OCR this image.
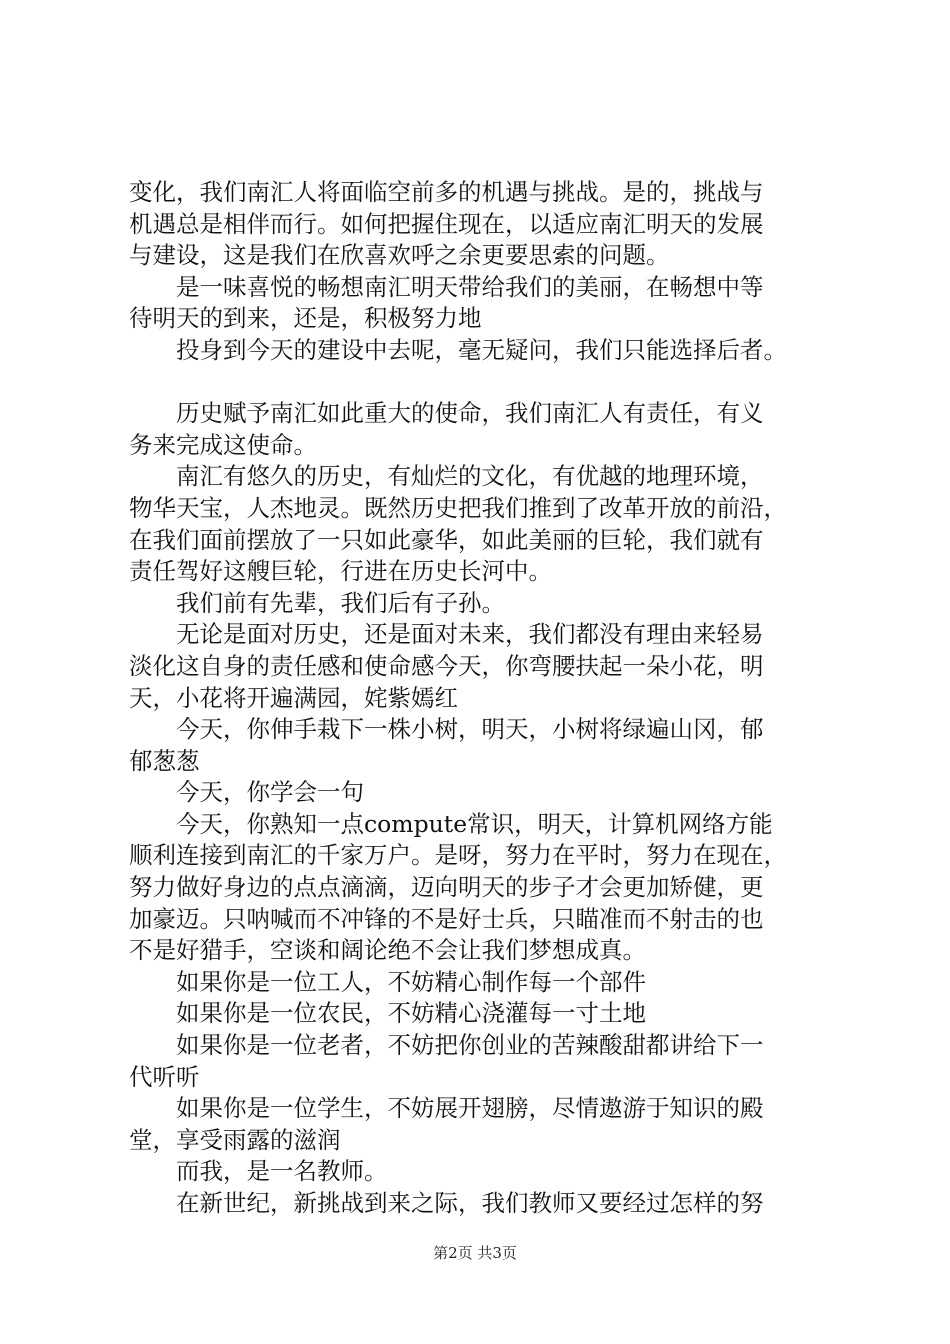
变化，我们南汇人将面临空前多的机遇与挑战。是的，挑战与
机遇总是相伴而行。如何把握住现在，以适应南汇明天的发展
与建设，这是我们在欣喜欢呼之余更要思索的问题。
　　是一味喜悦的畅想南汇明天带给我们的美丽，在畅想中等
待明天的到来，还是，积极努力地
　　投身到今天的建设中去呢，毫无疑问，我们只能选择后者。
　　历史赋予南汇如此重大的使命，我们南汇人有责任，有义
务来完成这使命。
　　南汇有悠久的历史，有灿烂的文化，有优越的地理环境，
物华天宝，人杰地灵。既然历史把我们推到了改革开放的前沿，
在我们面前摆放了一只如此豪华，如此美丽的巨轮，我们就有
责任驾好这艘巨轮，行进在历史长河中。
　　我们前有先辈，我们后有子孙。
　　无论是面对历史，还是面对未来，我们都没有理由来轻易
淡化这自身的责任感和使命感今天，你弯腰扶起一朵小花，明
天，小花将开遍满园，姹紫嫣红
　　今天，你伸手栽下一株小树，明天，小树将绿遍山冈，郁
郁葱葱
　　今天，你学会一句
　　今天，你熟知一点compute常识，明天，计算机网络方能
顺利连接到南汇的千家万户。是呀，努力在平时，努力在现在，
努力做好身边的点点滴滴，迈向明天的步子才会更加矫健，更
加豪迈。只呐喊而不冲锋的不是好士兵，只瞄准而不射击的也
不是好猎手，空谈和阔论绝不会让我们梦想成真。
　　如果你是一位工人，不妨精心制作每一个部件
　　如果你是一位农民，不妨精心浇灌每一寸土地
　　如果你是一位老者，不妨把你创业的苦辣酸甜都讲给下一
代听听
　　如果你是一位学生，不妨展开翅膀，尽情遨游于知识的殿
堂，享受雨露的滋润
　　而我，是一名教师。
　　在新世纪，新挑战到来之际，我们教师又要经过怎样的努
第2页 共3页
